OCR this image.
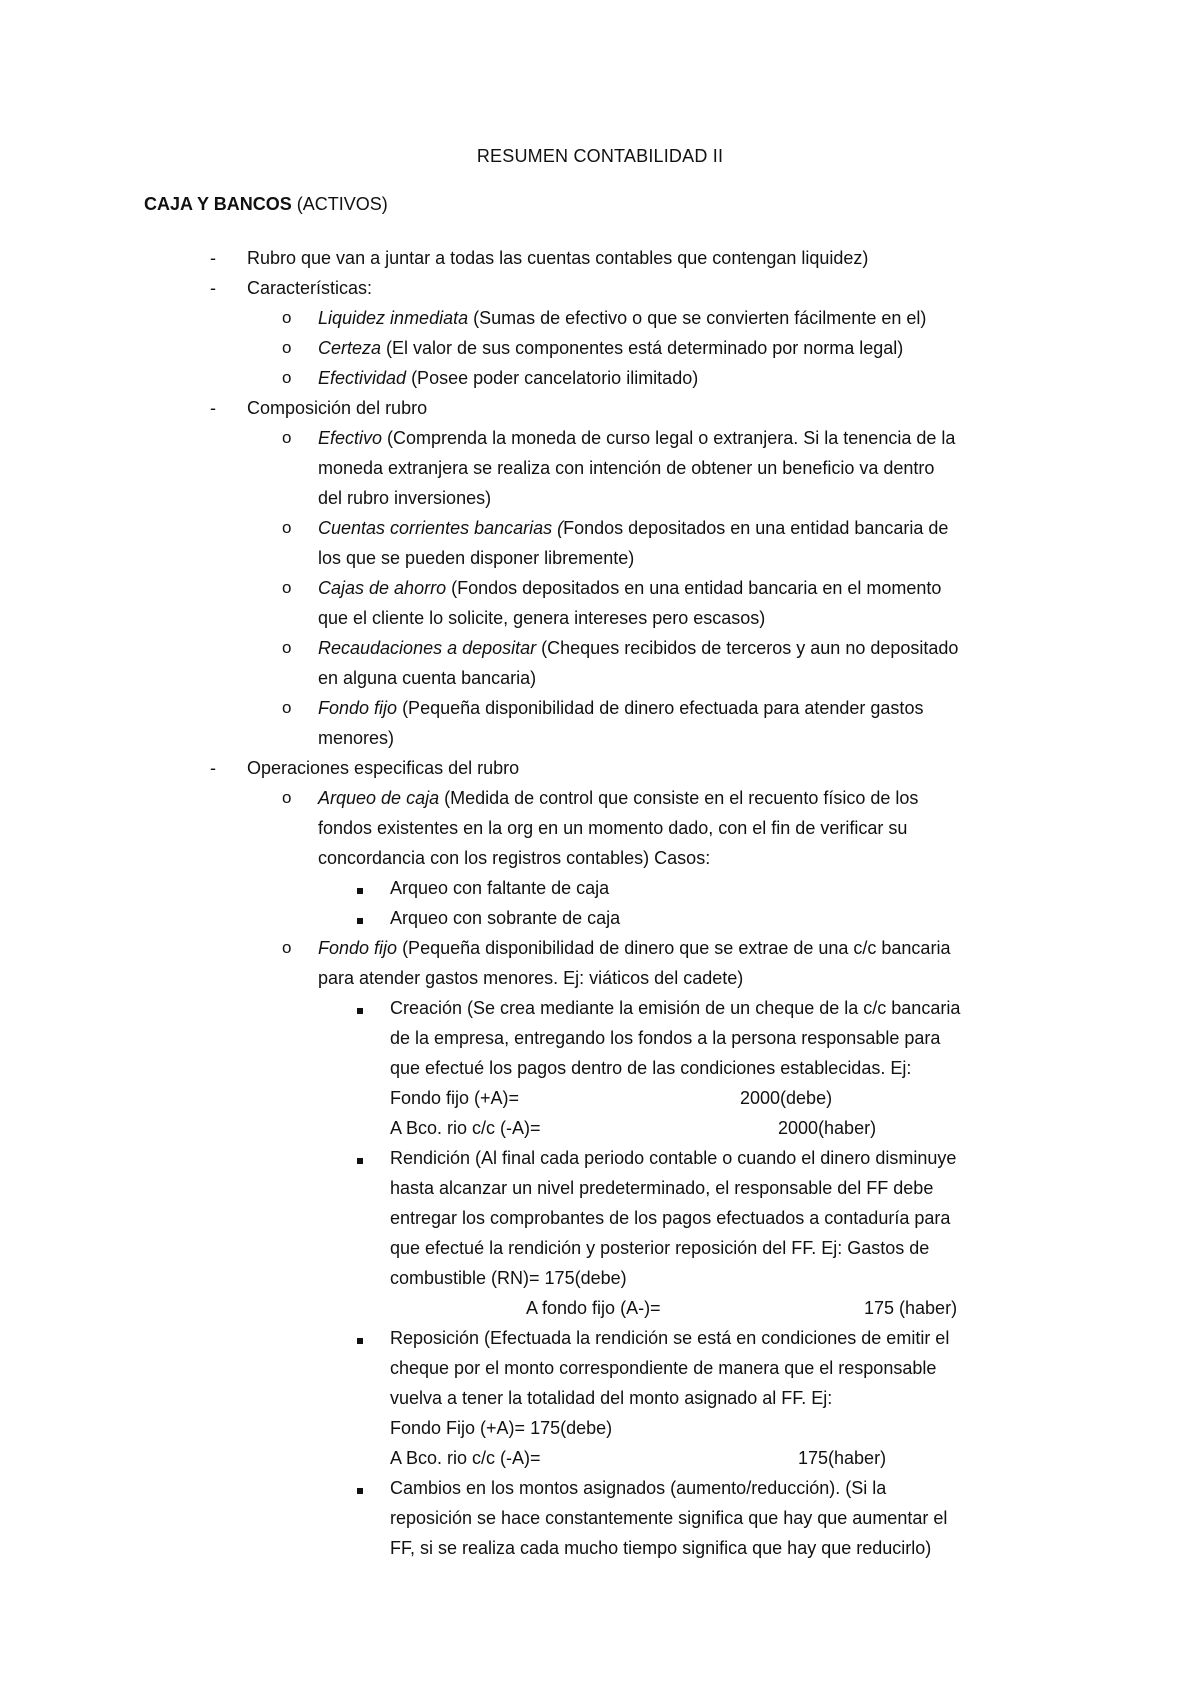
RESUMEN CONTABILIDAD II
CAJA Y BANCOS (ACTIVOS)
- Rubro que van a juntar a todas las cuentas contables que contengan liquidez)
- Características:
o Liquidez inmediata (Sumas de efectivo o que se convierten fácilmente en el)
o Certeza (El valor de sus componentes está determinado por norma legal)
o Efectividad (Posee poder cancelatorio ilimitado)
- Composición del rubro
o Efectivo (Comprenda la moneda de curso legal o extranjera. Si la tenencia de la
moneda extranjera se realiza con intención de obtener un beneficio va dentro
del rubro inversiones)
o Cuentas corrientes bancarias (Fondos depositados en una entidad bancaria de
los que se pueden disponer libremente)
o Cajas de ahorro (Fondos depositados en una entidad bancaria en el momento
que el cliente lo solicite, genera intereses pero escasos)
o Recaudaciones a depositar (Cheques recibidos de terceros y aun no depositado
en alguna cuenta bancaria)
o Fondo fijo (Pequeña disponibilidad de dinero efectuada para atender gastos
menores)
- Operaciones especificas del rubro
o Arqueo de caja (Medida de control que consiste en el recuento físico de los
fondos existentes en la org en un momento dado, con el fin de verificar su
concordancia con los registros contables) Casos:
Arqueo con faltante de caja
Arqueo con sobrante de caja
o Fondo fijo (Pequeña disponibilidad de dinero que se extrae de una c/c bancaria
para atender gastos menores. Ej: viáticos del cadete)
Creación (Se crea mediante la emisión de un cheque de la c/c bancaria
de la empresa, entregando los fondos a la persona responsable para
que efectué los pagos dentro de las condiciones establecidas. Ej:
Fondo fijo (+A)=	2000(debe)
A Bco. rio c/c (-A)=	2000(haber)
Rendición (Al final cada periodo contable o cuando el dinero disminuye
hasta alcanzar un nivel predeterminado, el responsable del FF debe
entregar los comprobantes de los pagos efectuados a contaduría para
que efectué la rendición y posterior reposición del FF. Ej: Gastos de
combustible (RN)= 175(debe)
A fondo fijo (A-)=	175 (haber)
Reposición (Efectuada la rendición se está en condiciones de emitir el
cheque por el monto correspondiente de manera que el responsable
vuelva a tener la totalidad del monto asignado al FF. Ej:
Fondo Fijo (+A)= 175(debe)
A Bco. rio c/c (-A)=	175(haber)
Cambios en los montos asignados (aumento/reducción). (Si la
reposición se hace constantemente significa que hay que aumentar el
FF, si se realiza cada mucho tiempo significa que hay que reducirlo)
